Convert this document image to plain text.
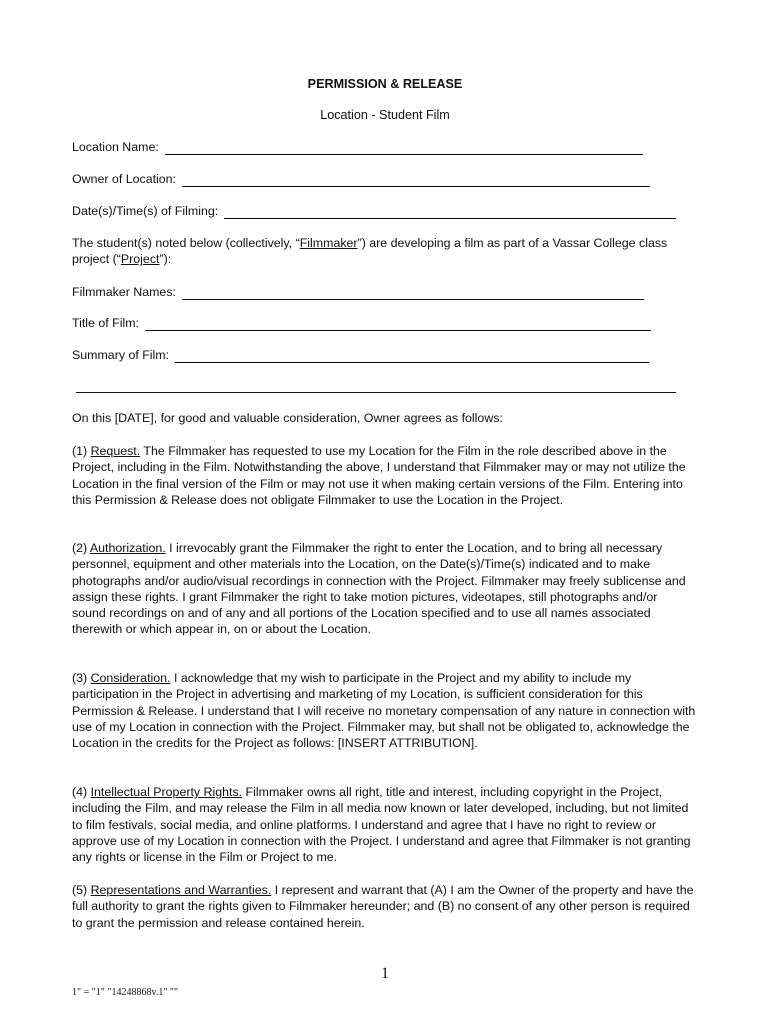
PERMISSION & RELEASE
Location - Student Film
Location Name:
Owner of Location:
Date(s)/Time(s) of Filming:
The student(s) noted below (collectively, “Filmmaker”) are developing a film as part of a Vassar College class project (“Project”):
Filmmaker Names:
Title of Film:
Summary of Film:
On this [DATE], for good and valuable consideration, Owner agrees as follows:
(1) Request. The Filmmaker has requested to use my Location for the Film in the role described above in the Project, including in the Film. Notwithstanding the above, I understand that Filmmaker may or may not utilize the Location in the final version of the Film or may not use it when making certain versions of the Film. Entering into this Permission & Release does not obligate Filmmaker to use the Location in the Project.
(2) Authorization. I irrevocably grant the Filmmaker the right to enter the Location, and to bring all necessary personnel, equipment and other materials into the Location, on the Date(s)/Time(s) indicated and to make photographs and/or audio/visual recordings in connection with the Project. Filmmaker may freely sublicense and assign these rights. I grant Filmmaker the right to take motion pictures, videotapes, still photographs and/or sound recordings on and of any and all portions of the Location specified and to use all names associated therewith or which appear in, on or about the Location.
(3) Consideration. I acknowledge that my wish to participate in the Project and my ability to include my participation in the Project in advertising and marketing of my Location, is sufficient consideration for this Permission & Release. I understand that I will receive no monetary compensation of any nature in connection with use of my Location in connection with the Project. Filmmaker may, but shall not be obligated to, acknowledge the Location in the credits for the Project as follows: [INSERT ATTRIBUTION].
(4) Intellectual Property Rights. Filmmaker owns all right, title and interest, including copyright in the Project, including the Film, and may release the Film in all media now known or later developed, including, but not limited to film festivals, social media, and online platforms. I understand and agree that I have no right to review or approve use of my Location in connection with the Project. I understand and agree that Filmmaker is not granting any rights or license in the Film or Project to me.
(5) Representations and Warranties. I represent and warrant that (A) I am the Owner of the property and have the full authority to grant the rights given to Filmmaker hereunder; and (B) no consent of any other person is required to grant the permission and release contained herein.
1
1" = "1" "14248868v.1" ""
